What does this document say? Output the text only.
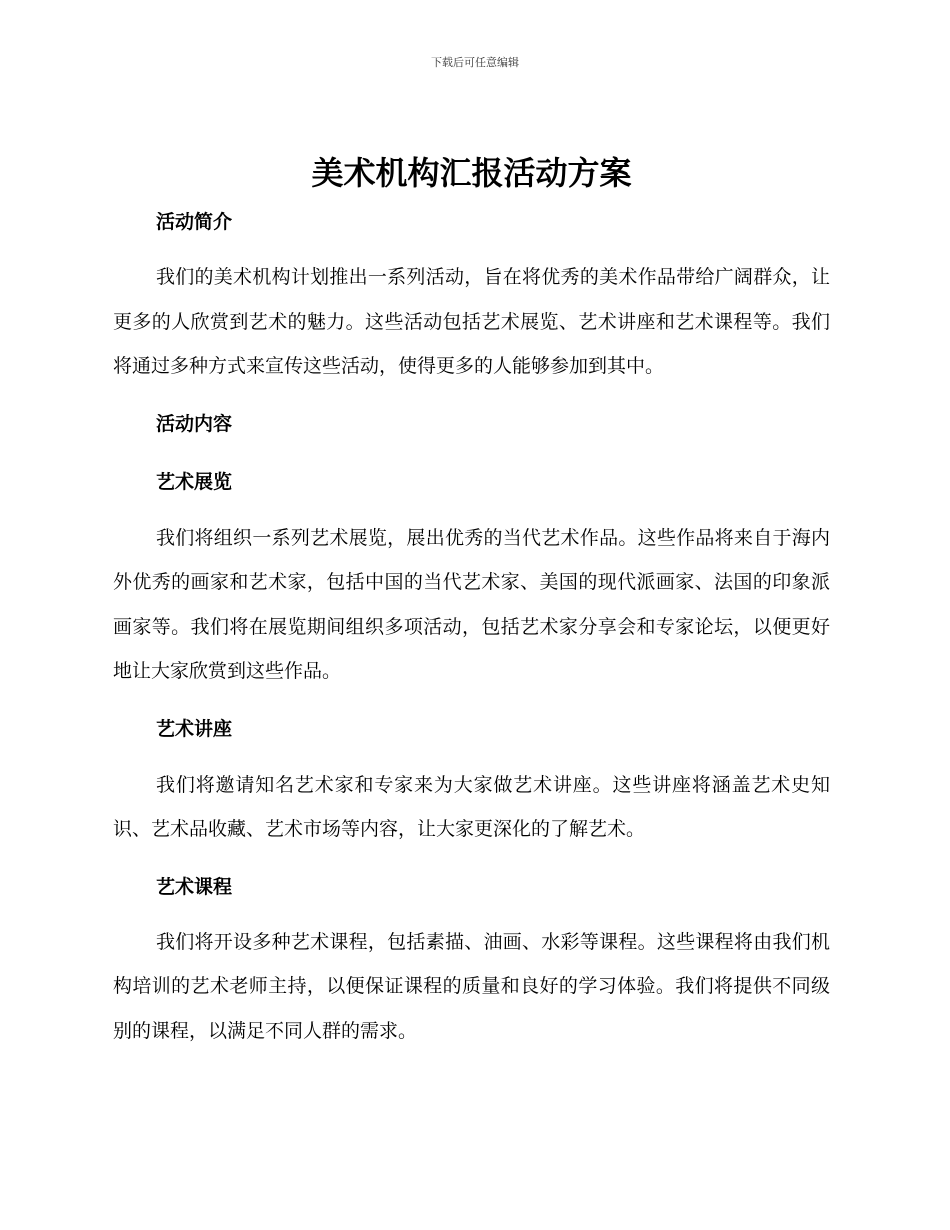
下载后可任意编辑
美术机构汇报活动方案
活动简介

我们的美术机构计划推出一系列活动，旨在将优秀的美术作品带给广阔群众，让更多的人欣赏到艺术的魅力。这些活动包括艺术展览、艺术讲座和艺术课程等。我们将通过多种方式来宣传这些活动，使得更多的人能够参加到其中。

活动内容
艺术展览

我们将组织一系列艺术展览，展出优秀的当代艺术作品。这些作品将来自于海内外优秀的画家和艺术家，包括中国的当代艺术家、美国的现代派画家、法国的印象派画家等。我们将在展览期间组织多项活动，包括艺术家分享会和专家论坛，以便更好地让大家欣赏到这些作品。

艺术讲座

我们将邀请知名艺术家和专家来为大家做艺术讲座。这些讲座将涵盖艺术史知识、艺术品收藏、艺术市场等内容，让大家更深化的了解艺术。

艺术课程

我们将开设多种艺术课程，包括素描、油画、水彩等课程。这些课程将由我们机构培训的艺术老师主持，以便保证课程的质量和良好的学习体验。我们将提供不同级别的课程，以满足不同人群的需求。
